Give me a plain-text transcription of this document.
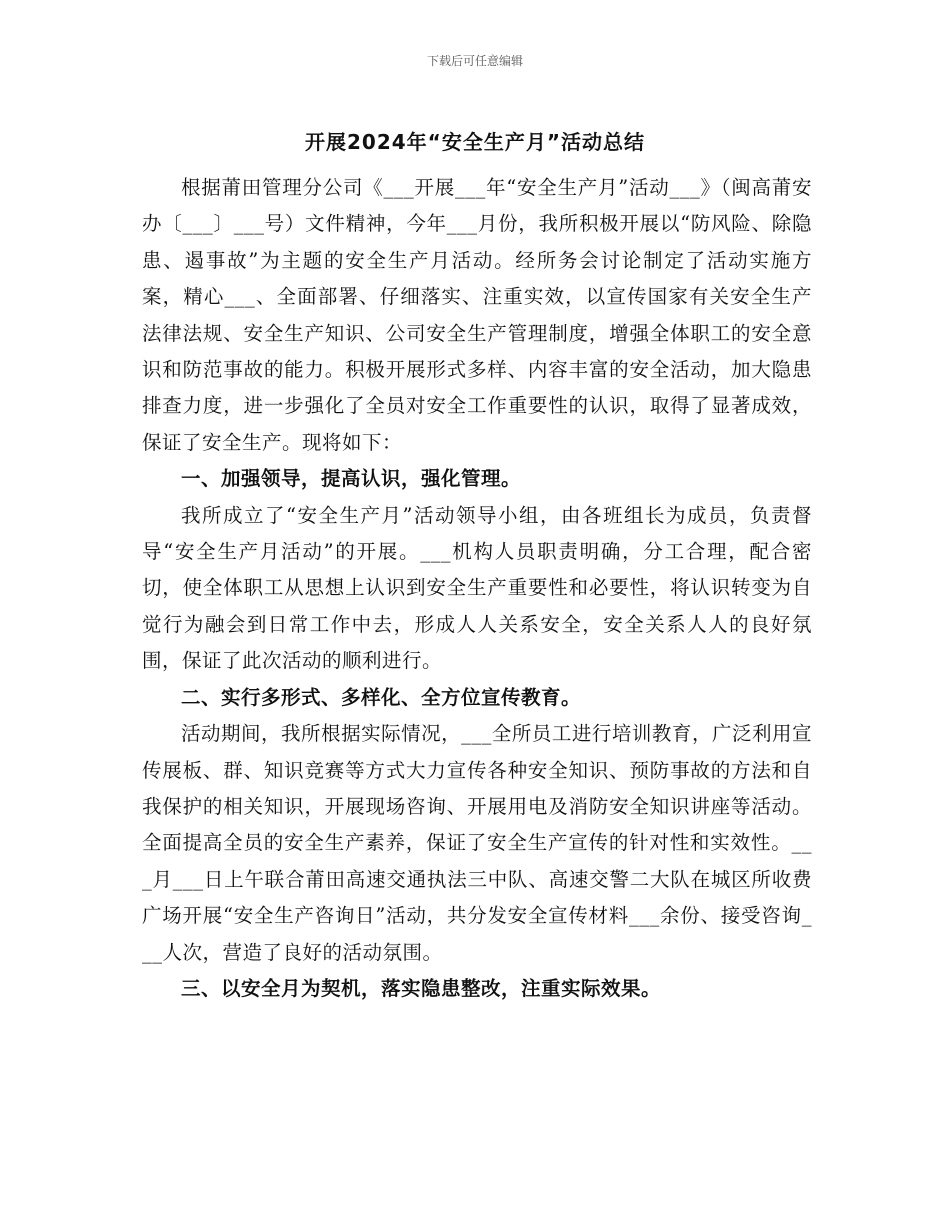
下载后可任意编辑
开展2024年“安全生产月”活动总结

根据莆田管理分公司《___开展___年“安全生产月”活动___》（闽高莆安办〔___〕___号）文件精神，今年___月份，我所积极开展以“防风险、除隐患、遏事故”为主题的安全生产月活动。经所务会讨论制定了活动实施方案，精心___、全面部署、仔细落实、注重实效，以宣传国家有关安全生产法律法规、安全生产知识、公司安全生产管理制度，增强全体职工的安全意识和防范事故的能力。积极开展形式多样、内容丰富的安全活动，加大隐患排查力度，进一步强化了全员对安全工作重要性的认识，取得了显著成效，保证了安全生产。现将如下：

一、加强领导，提高认识，强化管理。

我所成立了“安全生产月”活动领导小组，由各班组长为成员，负责督导“安全生产月活动”的开展。___机构人员职责明确，分工合理，配合密切，使全体职工从思想上认识到安全生产重要性和必要性，将认识转变为自觉行为融会到日常工作中去，形成人人关系安全，安全关系人人的良好氛围，保证了此次活动的顺利进行。

二、实行多形式、多样化、全方位宣传教育。

活动期间，我所根据实际情况，___全所员工进行培训教育，广泛利用宣传展板、群、知识竞赛等方式大力宣传各种安全知识、预防事故的方法和自我保护的相关知识，开展现场咨询、开展用电及消防安全知识讲座等活动。全面提高全员的安全生产素养，保证了安全生产宣传的针对性和实效性。___月___日上午联合莆田高速交通执法三中队、高速交警二大队在城区所收费广场开展“安全生产咨询日”活动，共分发安全宣传材料___余份、接受咨询___人次，营造了良好的活动氛围。

三、以安全月为契机，落实隐患整改，注重实际效果。
